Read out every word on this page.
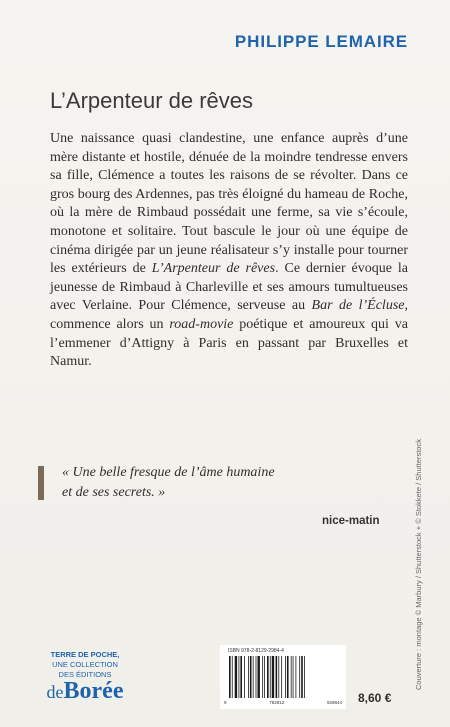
PHILIPPE LEMAIRE
L’Arpenteur de rêves

Une naissance quasi clandestine, une enfance auprès d’une mère distante et hostile, dénuée de la moindre tendresse envers sa fille, Clémence a toutes les raisons de se révolter. Dans ce gros bourg des Ardennes, pas très éloigné du hameau de Roche, où la mère de Rimbaud possédait une ferme, sa vie s’écoule, monotone et solitaire. Tout bascule le jour où une équipe de cinéma dirigée par un jeune réalisateur s’y installe pour tourner les extérieurs de L’Arpenteur de rêves. Ce dernier évoque la jeunesse de Rimbaud à Charleville et ses amours tumultueuses avec Verlaine. Pour Clémence, serveuse au Bar de l’Écluse, commence alors un road-movie poétique et amoureux qui va l’emmener d’Attigny à Paris en passant par Bruxelles et Namur.

« Une belle fresque de l’âme humaine
et de ses secrets. »
nice-matin	Couverture : montage © Marbury / Shutterstock + © Stokkete / Shutterstock
TERRE DE POCHE,
UNE COLLECTION
DES ÉDITIONS
deBorée
ISBN 978-2-8129-2984-4
9	782812	929844 8,60 €
